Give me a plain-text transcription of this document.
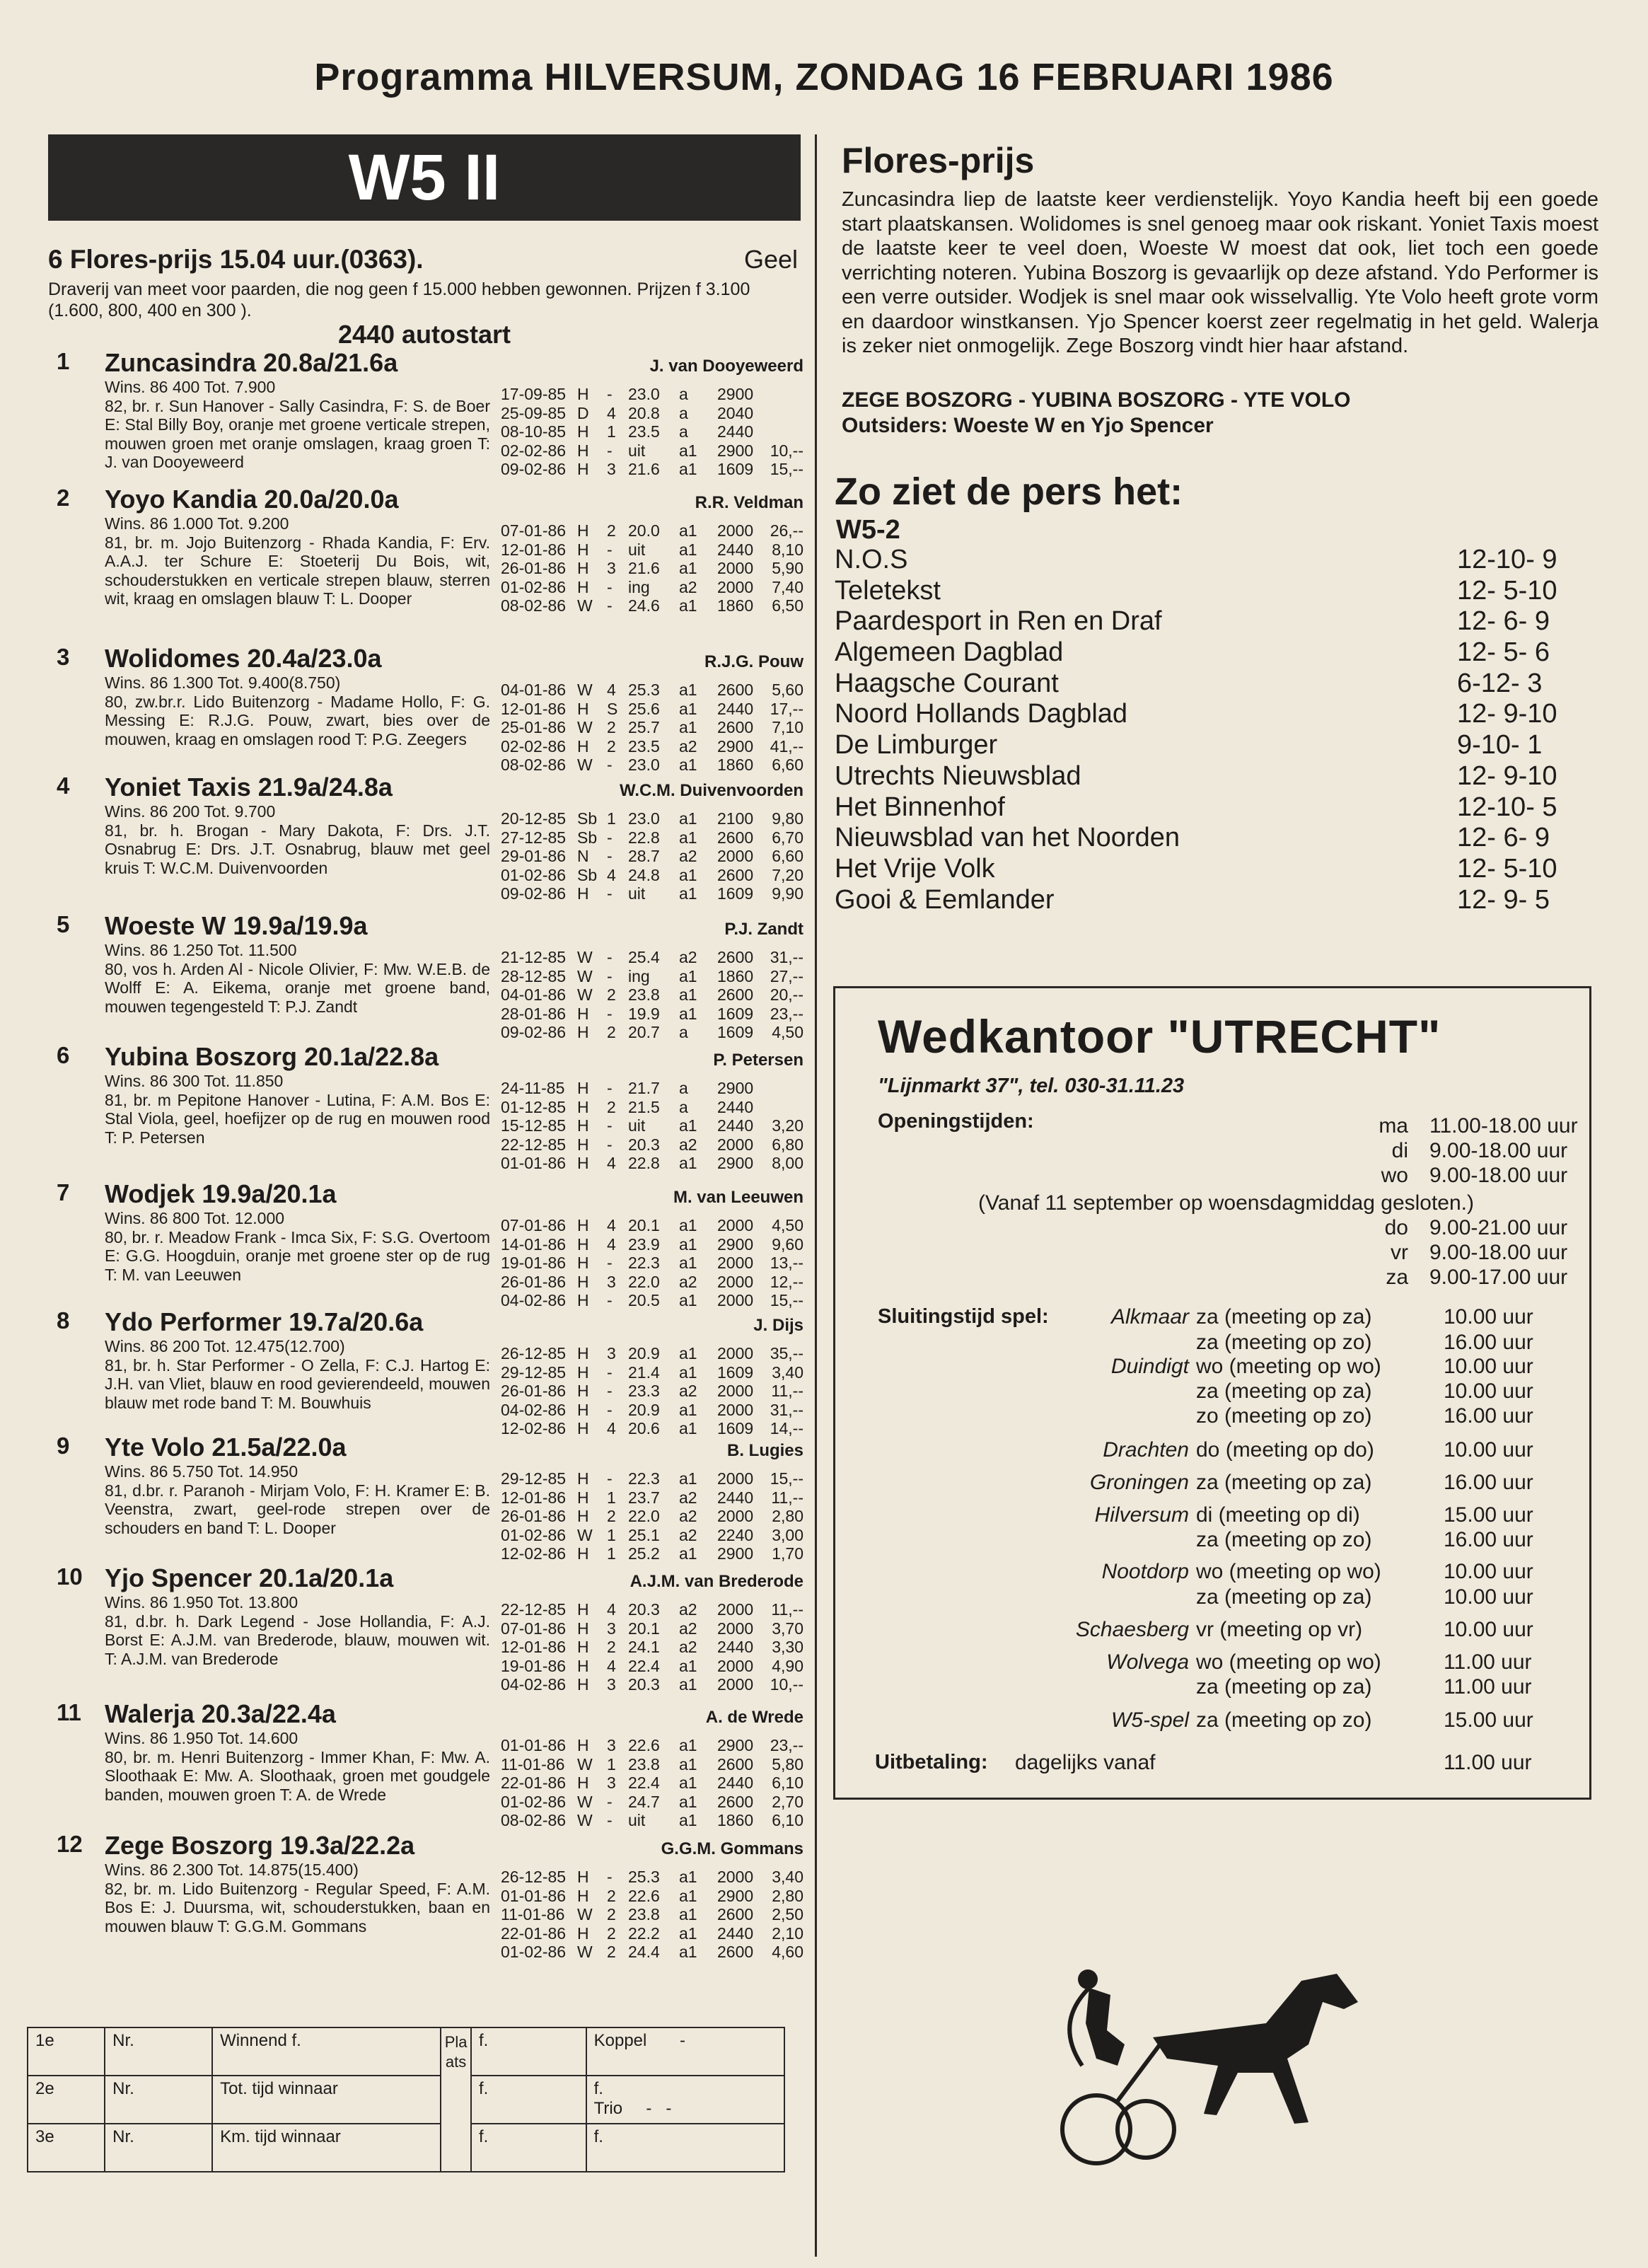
Programma HILVERSUM, ZONDAG 16 FEBRUARI 1986
W5 II
6 Flores-prijs 15.04 uur.(0363).	Geel
Draverij van meet voor paarden, die nog geen f 15.000 hebben gewonnen. Prijzen f 3.100 (1.600, 800, 400 en 300 ).
2440 autostart
1 Zuncasindra 20.8a/21.6a	J. van Dooyeweerd
Wins. 86 400 Tot. 7.900
82, br. r. Sun Hanover - Sally Casindra, F: S. de Boer E: Stal Billy Boy, oranje met groene verticale strepen, mouwen groen met oranje omslagen, kraag groen T: J. van Dooyeweerd
17-09-85 H	- 23.0	a	2900
25-09-85 D	4 20.8	a	2040
08-10-85 H	1 23.5	a	2440
02-02-86 H	- uit	a1	2900	10,--
09-02-86 H	3 21.6	a1	1609	15,--
2 Yoyo Kandia 20.0a/20.0a	R.R. Veldman
Wins. 86 1.000 Tot. 9.200
81, br. m. Jojo Buitenzorg - Rhada Kandia, F: Erv. A.A.J. ter Schure E: Stoeterij Du Bois, wit, schouderstukken en verticale strepen blauw, sterren wit, kraag en omslagen blauw T: L. Dooper
07-01-86 H	2 20.0	a1	2000	26,--
12-01-86 H	- uit	a1	2440	8,10
26-01-86 H	3 21.6	a1	2000	5,90
01-02-86 H	- ing	a2	2000	7,40
08-02-86 W - 24.6	a1	1860	6,50
3 Wolidomes 20.4a/23.0a	R.J.G. Pouw
Wins. 86 1.300 Tot. 9.400(8.750)
80, zw.br.r. Lido Buitenzorg - Madame Hollo, F: G. Messing E: R.J.G. Pouw, zwart, bies over de mouwen, kraag en omslagen rood T: P.G. Zeegers
04-01-86 W 4 25.3	a1	2600	5,60
12-01-86 H	S 25.6	a1	2440	17,--
25-01-86 W 2 25.7	a1	2600	7,10
02-02-86 H	2 23.5	a2	2900	41,--
08-02-86 W - 23.0	a1	1860	6,60
4 Yoniet Taxis 21.9a/24.8a	W.C.M. Duivenvoorden
Wins. 86 200 Tot. 9.700
81, br. h. Brogan - Mary Dakota, F: Drs. J.T. Osnabrug E: Drs. J.T. Osnabrug, blauw met geel kruis T: W.C.M. Duivenvoorden
20-12-85 Sb 1 23.0	a1	2100	9,80
27-12-85 Sb - 22.8	a1	2600	6,70
29-01-86 N	- 28.7	a2	2000	6,60
01-02-86 Sb 4 24.8	a1	2600	7,20
09-02-86 H	- uit	a1	1609	9,90
5 Woeste W 19.9a/19.9a	P.J. Zandt
Wins. 86 1.250 Tot. 11.500
80, vos h. Arden Al - Nicole Olivier, F: Mw. W.E.B. de Wolff E: A. Eikema, oranje met groene band, mouwen tegengesteld T: P.J. Zandt
21-12-85 W - 25.4	a2	2600	31,--
28-12-85 W - ing	a1	1860	27,--
04-01-86 W 2 23.8	a1	2600	20,--
28-01-86 H	- 19.9	a1	1609	23,--
09-02-86 H	2 20.7	a	1609	4,50
6 Yubina Boszorg 20.1a/22.8a	P. Petersen
Wins. 86 300 Tot. 11.850
81, br. m Pepitone Hanover - Lutina, F: A.M. Bos E: Stal Viola, geel, hoefijzer op de rug en mouwen rood T: P. Petersen
24-11-85 H	- 21.7	a	2900
01-12-85 H	2 21.5	a	2440
15-12-85 H	- uit	a1	2440	3,20
22-12-85 H	- 20.3	a2	2000	6,80
01-01-86 H	4 22.8	a1	2900	8,00
7 Wodjek 19.9a/20.1a	M. van Leeuwen
Wins. 86 800 Tot. 12.000
80, br. r. Meadow Frank - Imca Six, F: S.G. Overtoom E: G.G. Hoogduin, oranje met groene ster op de rug T: M. van Leeuwen
07-01-86 H	4 20.1	a1	2000	4,50
14-01-86 H	4 23.9	a1	2900	9,60
19-01-86 H	- 22.3	a1	2000	13,--
26-01-86 H	3 22.0	a2	2000	12,--
04-02-86 H	- 20.5	a1	2000	15,--
8 Ydo Performer 19.7a/20.6a	J. Dijs
Wins. 86 200 Tot. 12.475(12.700)
81, br. h. Star Performer - O Zella, F: C.J. Hartog E: J.H. van Vliet, blauw en rood gevierendeeld, mouwen blauw met rode band T: M. Bouwhuis
26-12-85 H	3 20.9	a1	2000	35,--
29-12-85 H	- 21.4	a1	1609	3,40
26-01-86 H	- 23.3	a2	2000	11,--
04-02-86 H	- 20.9	a1	2000	31,--
12-02-86 H	4 20.6	a1	1609	14,--
9 Yte Volo 21.5a/22.0a	B. Lugies
Wins. 86 5.750 Tot. 14.950
81, d.br. r. Paranoh - Mirjam Volo, F: H. Kramer E: B. Veenstra, zwart, geel-rode strepen over de schouders en band T: L. Dooper
29-12-85 H	- 22.3	a1	2000	15,--
12-01-86 H	1 23.7	a2	2440	11,--
26-01-86 H	2 22.0	a2	2000	2,80
01-02-86 W 1 25.1	a2	2240	3,00
12-02-86 H	1 25.2	a1	2900	1,70
10 Yjo Spencer 20.1a/20.1a	A.J.M. van Brederode
Wins. 86 1.950 Tot. 13.800
81, d.br. h. Dark Legend - Jose Hollandia, F: A.J. Borst E: A.J.M. van Brederode, blauw, mouwen wit. T: A.J.M. van Brederode
22-12-85 H	4 20.3	a2	2000	11,--
07-01-86 H	3 20.1	a2	2000	3,70
12-01-86 H	2 24.1	a2	2440	3,30
19-01-86 H	4 22.4	a1	2000	4,90
04-02-86 H	3 20.3	a1	2000	10,--
11 Walerja 20.3a/22.4a	A. de Wrede
Wins. 86 1.950 Tot. 14.600
80, br. m. Henri Buitenzorg - Immer Khan, F: Mw. A. Sloothaak E: Mw. A. Sloothaak, groen met goudgele banden, mouwen groen T: A. de Wrede
01-01-86 H	3 22.6	a1	2900	23,--
11-01-86 W 1 23.8	a1	2600	5,80
22-01-86 H	3 22.4	a1	2440	6,10
01-02-86 W - 24.7	a1	2600	2,70
08-02-86 W - uit	a1	1860	6,10
12 Zege Boszorg 19.3a/22.2a	G.G.M. Gommans
Wins. 86 2.300 Tot. 14.875(15.400)
82, br. m. Lido Buitenzorg - Regular Speed, F: A.M. Bos E: J. Duursma, wit, schouderstukken, baan en mouwen blauw T: G.G.M. Gommans
26-12-85 H	- 25.3	a1	2000	3,40
01-01-86 H	2 22.6	a1	2900	2,80
11-01-86 W 2 23.8	a1	2600	2,50
22-01-86 H	2 22.2	a1	2440	2,10
01-02-86 W 2 24.4	a1	2600	4,60
1e	Nr.	Winnend f.	Plaats	f.	Koppel -
2e	Nr.	Tot. tijd winnaar		f.	f.
Trio - -

3e	Nr.	Km. tijd winnaar		f.	f.
Flores-prijs
Zuncasindra liep de laatste keer verdienstelijk. Yoyo Kandia heeft bij een goede start plaatskansen. Wolidomes is snel genoeg maar ook riskant. Yoniet Taxis moest de laatste keer te veel doen, Woeste W moest dat ook, liet toch een goede verrichting noteren. Yubina Boszorg is gevaarlijk op deze afstand. Ydo Performer is een verre outsider. Wodjek is snel maar ook wisselvallig. Yte Volo heeft grote vorm en daardoor winstkansen. Yjo Spencer koerst zeer regelmatig in het geld. Walerja is zeker niet onmogelijk. Zege Boszorg vindt hier haar afstand.
ZEGE BOSZORG - YUBINA BOSZORG - YTE VOLO
Outsiders: Woeste W en Yjo Spencer
Zo ziet de pers het:
W5-2
N.O.S	12-10- 9
Teletekst	12- 5-10
Paardesport in Ren en Draf	12- 6- 9
Algemeen Dagblad	12- 5- 6
Haagsche Courant	6-12- 3
Noord Hollands Dagblad	12- 9-10
De Limburger	9-10- 1
Utrechts Nieuwsblad	12- 9-10
Het Binnenhof	12-10- 5
Nieuwsblad van het Noorden	12- 6- 9
Het Vrije Volk	12- 5-10
Gooi & Eemlander	12- 9- 5
Wedkantoor "UTRECHT"
"Lijnmarkt 37", tel. 030-31.11.23
Openingstijden:
(Vanaf 11 september op woensdagmiddag gesloten.)
Sluitingstijd spel:
Uitbetaling: dagelijks vanaf	11.00 uur
ma 11.00-18.00 uur
di 9.00-18.00 uur
wo 9.00-18.00 uur
do 9.00-21.00 uur
vr 9.00-18.00 uur
za 9.00-17.00 uur
Alkmaar za (meeting op za)	10.00 uur
za (meeting op zo)	16.00 uur
Duindigt wo (meeting op wo)	10.00 uur
za (meeting op za)	10.00 uur
zo (meeting op zo)	16.00 uur
Drachten do (meeting op do)	10.00 uur
Groningen za (meeting op za)	16.00 uur
Hilversum di (meeting op di)	15.00 uur
za (meeting op zo)	16.00 uur
Nootdorp wo (meeting op wo)	10.00 uur
za (meeting op za)	10.00 uur
Schaesberg vr (meeting op vr)	10.00 uur
Wolvega wo (meeting op wo)	11.00 uur
za (meeting op za)	11.00 uur
W5-spel za (meeting op zo)	15.00 uur
